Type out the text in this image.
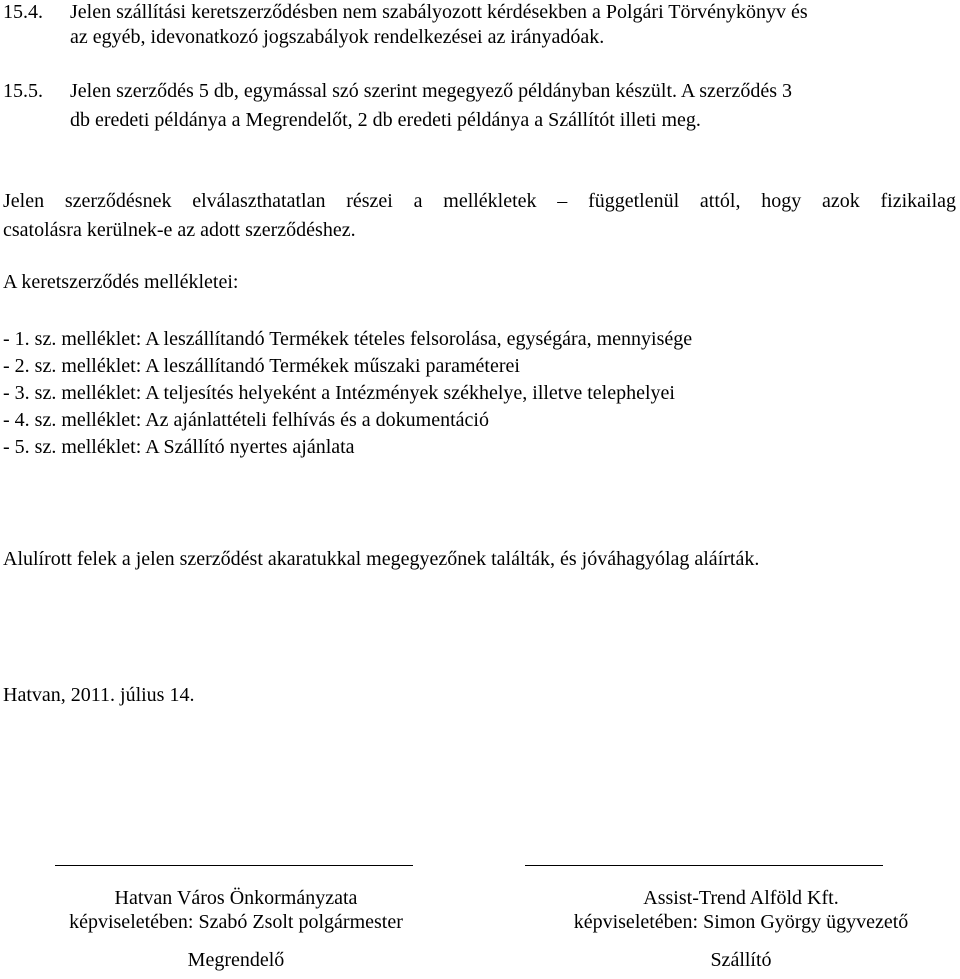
15.4. Jelen szállítási keretszerződésben nem szabályozott kérdésekben a Polgári Törvénykönyv és
az egyéb, idevonatkozó jogszabályok rendelkezései az irányadóak.
15.5. Jelen szerződés 5 db, egymással szó szerint megegyező példányban készült. A szerződés 3
db eredeti példánya a Megrendelőt, 2 db eredeti példánya a Szállítót illeti meg.
Jelen szerződésnek elválaszthatatlan részei a mellékletek – függetlenül attól, hogy azok fizikailag
csatolásra kerülnek-e az adott szerződéshez.
A keretszerződés mellékletei:
- 1. sz. melléklet: A leszállítandó Termékek tételes felsorolása, egységára, mennyisége
- 2. sz. melléklet: A leszállítandó Termékek műszaki paraméterei
- 3. sz. melléklet: A teljesítés helyeként a Intézmények székhelye, illetve telephelyei
- 4. sz. melléklet: Az ajánlattételi felhívás és a dokumentáció
- 5. sz. melléklet: A Szállító nyertes ajánlata
Alulírott felek a jelen szerződést akaratukkal megegyezőnek találták, és jóváhagyólag aláírták.
Hatvan, 2011. július 14.
Hatvan Város Önkormányzata
képviseletében: Szabó Zsolt polgármester
Megrendelő
Assist-Trend Alföld Kft.
képviseletében: Simon György ügyvezető
Szállító
